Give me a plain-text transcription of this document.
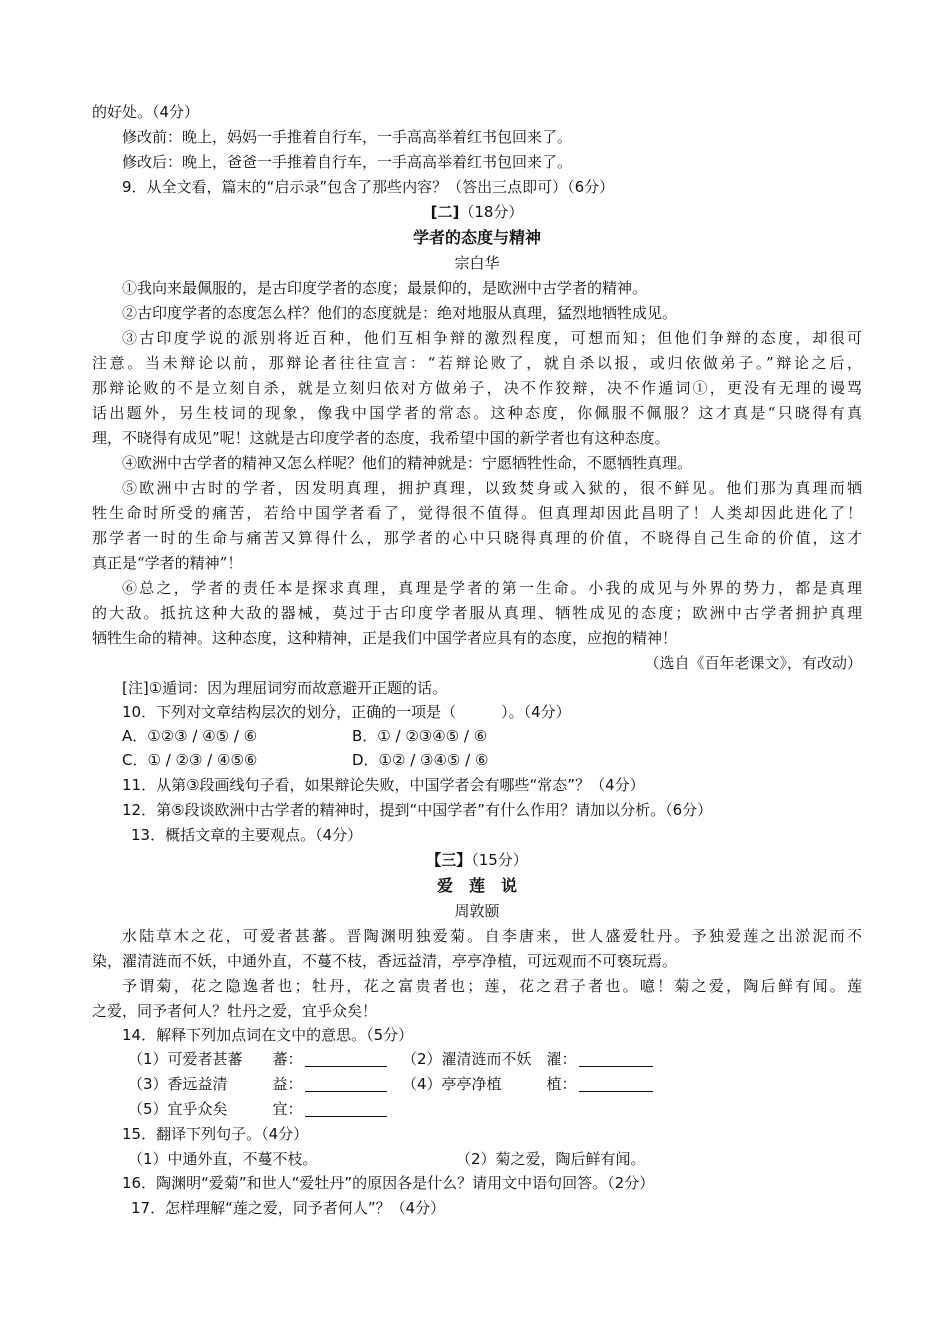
的好处。（4分）
修改前：晚上，妈妈一手推着自行车，一手高高举着红书包回来了。
修改后：晚上，爸爸一手推着自行车，一手高高举着红书包回来了。
9．从全文看，篇末的“启示录”包含了那些内容？（答出三点即可）（6分）
[二]（18分）
学者的态度与精神
宗白华
①我向来最佩服的，是古印度学者的态度；最景仰的，是欧洲中古学者的精神。
②古印度学者的态度怎么样？他们的态度就是：绝对地服从真理，猛烈地牺牲成见。
③古印度学说的派别将近百种，他们互相争辩的激烈程度，可想而知；但他们争辩的态度，却很可
注意。当未辩论以前，那辩论者往往宣言：“若辩论败了，就自杀以报，或归依做弟子。”辩论之后，
那辩论败的不是立刻自杀，就是立刻归依对方做弟子，决不作狡辩，决不作遁词①，更没有无理的谩骂
话出题外，另生枝词的现象，像我中国学者的常态。这种态度，你佩服不佩服？这才真是“只晓得有真
理，不晓得有成见”呢！这就是古印度学者的态度，我希望中国的新学者也有这种态度。
④欧洲中古学者的精神又怎么样呢？他们的精神就是：宁愿牺牲性命，不愿牺牲真理。
⑤欧洲中古时的学者，因发明真理，拥护真理，以致焚身或入狱的，很不鲜见。他们那为真理而牺
牲生命时所受的痛苦，若给中国学者看了，觉得很不值得。但真理却因此昌明了！人类却因此进化了！
那学者一时的生命与痛苦又算得什么，那学者的心中只晓得真理的价值，不晓得自己生命的价值，这才
真正是“学者的精神”！
⑥总之，学者的责任本是探求真理，真理是学者的第一生命。小我的成见与外界的势力，都是真理
的大敌。抵抗这种大敌的器械，莫过于古印度学者服从真理、牺牲成见的态度；欧洲中古学者拥护真理
牺牲生命的精神。这种态度，这种精神，正是我们中国学者应具有的态度，应抱的精神！
（选自《百年老课文》，有改动）
[注]①遁词：因为理屈词穷而故意避开正题的话。
10．下列对文章结构层次的划分，正确的一项是（　　　）。（4分）
A．①②③ / ④⑤ / ⑥	B．① / ②③④⑤ / ⑥
C．① / ②③ / ④⑤⑥	D．①② / ③④⑤ / ⑥
11．从第③段画线句子看，如果辩论失败，中国学者会有哪些“常态”？（4分）
12．第⑤段谈欧洲中古学者的精神时，提到“中国学者”有什么作用？请加以分析。（6分）
13．概括文章的主要观点。（4分）
【三】（15分）
爱　莲　说
周敦颐
水陆草木之花，可爱者甚蕃。晋陶渊明独爱菊。自李唐来，世人盛爱牡丹。予独爱莲之出淤泥而不
染，濯清涟而不妖，中通外直，不蔓不枝，香远益清，亭亭净植，可远观而不可亵玩焉。
予谓菊，花之隐逸者也；牡丹，花之富贵者也；莲，花之君子者也。噫！菊之爱，陶后鲜有闻。莲
之爱，同予者何人？牡丹之爱，宜乎众矣！
14．解释下列加点词在文中的意思。（5分）
（1）可爱者甚蕃　　蕃：	（2）濯清涟而不妖　濯：
（3）香远益清　　　益：	（4）亭亭净植　　　植：
（5）宜乎众矣　　　宜：
15．翻译下列句子。（4分）
（1）中通外直，不蔓不枝。	（2）菊之爱，陶后鲜有闻。
16．陶渊明“爱菊”和世人“爱牡丹”的原因各是什么？请用文中语句回答。（2分）
17．怎样理解“莲之爱，同予者何人”？（4分）
